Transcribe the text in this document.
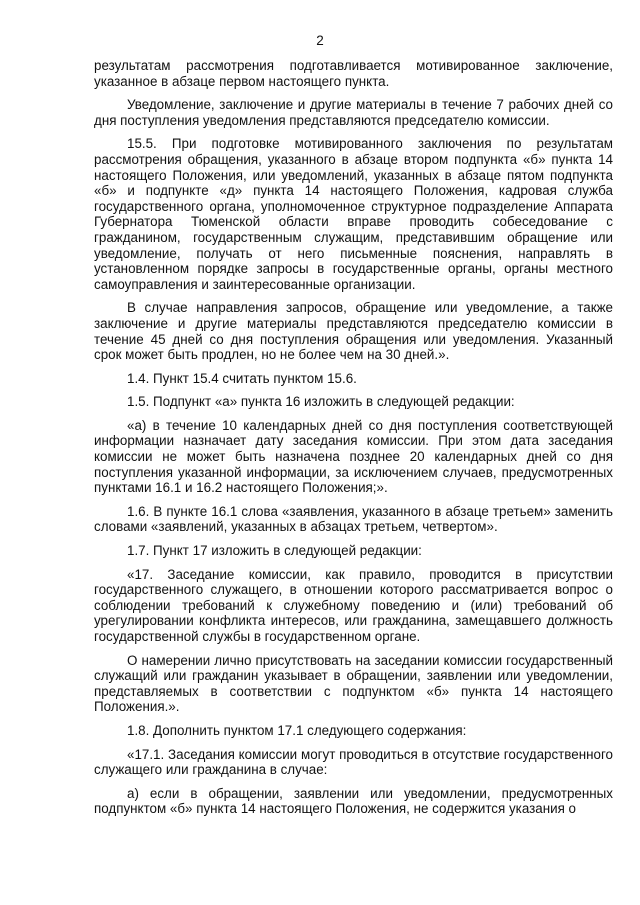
2

результатам рассмотрения подготавливается мотивированное заключение, указанное в абзаце первом настоящего пункта.

Уведомление, заключение и другие материалы в течение 7 рабочих дней со дня поступления уведомления представляются председателю комиссии.

15.5. При подготовке мотивированного заключения по результатам рассмотрения обращения, указанного в абзаце втором подпункта «б» пункта 14 настоящего Положения, или уведомлений, указанных в абзаце пятом подпункта «б» и подпункте «д» пункта 14 настоящего Положения, кадровая служба государственного органа, уполномоченное структурное подразделение Аппарата Губернатора Тюменской области вправе проводить собеседование с гражданином, государственным служащим, представившим обращение или уведомление, получать от него письменные пояснения, направлять в установленном порядке запросы в государственные органы, органы местного самоуправления и заинтересованные организации.

В случае направления запросов, обращение или уведомление, а также заключение и другие материалы представляются председателю комиссии в течение 45 дней со дня поступления обращения или уведомления. Указанный срок может быть продлен, но не более чем на 30 дней.».

1.4. Пункт 15.4 считать пунктом 15.6.

1.5. Подпункт «а» пункта 16 изложить в следующей редакции:

«а) в течение 10 календарных дней со дня поступления соответствующей информации назначает дату заседания комиссии. При этом дата заседания комиссии не может быть назначена позднее 20 календарных дней со дня поступления указанной информации, за исключением случаев, предусмотренных пунктами 16.1 и 16.2 настоящего Положения;».

1.6. В пункте 16.1 слова «заявления, указанного в абзаце третьем» заменить словами «заявлений, указанных в абзацах третьем, четвертом».

1.7. Пункт 17 изложить в следующей редакции:

«17. Заседание комиссии, как правило, проводится в присутствии государственного служащего, в отношении которого рассматривается вопрос о соблюдении требований к служебному поведению и (или) требований об урегулировании конфликта интересов, или гражданина, замещавшего должность государственной службы в государственном органе.

О намерении лично присутствовать на заседании комиссии государственный служащий или гражданин указывает в обращении, заявлении или уведомлении, представляемых в соответствии с подпунктом «б» пункта 14 настоящего Положения.».

1.8. Дополнить пунктом 17.1 следующего содержания:

«17.1. Заседания комиссии могут проводиться в отсутствие государственного служащего или гражданина в случае:

а) если в обращении, заявлении или уведомлении, предусмотренных подпунктом «б» пункта 14 настоящего Положения, не содержится указания о
